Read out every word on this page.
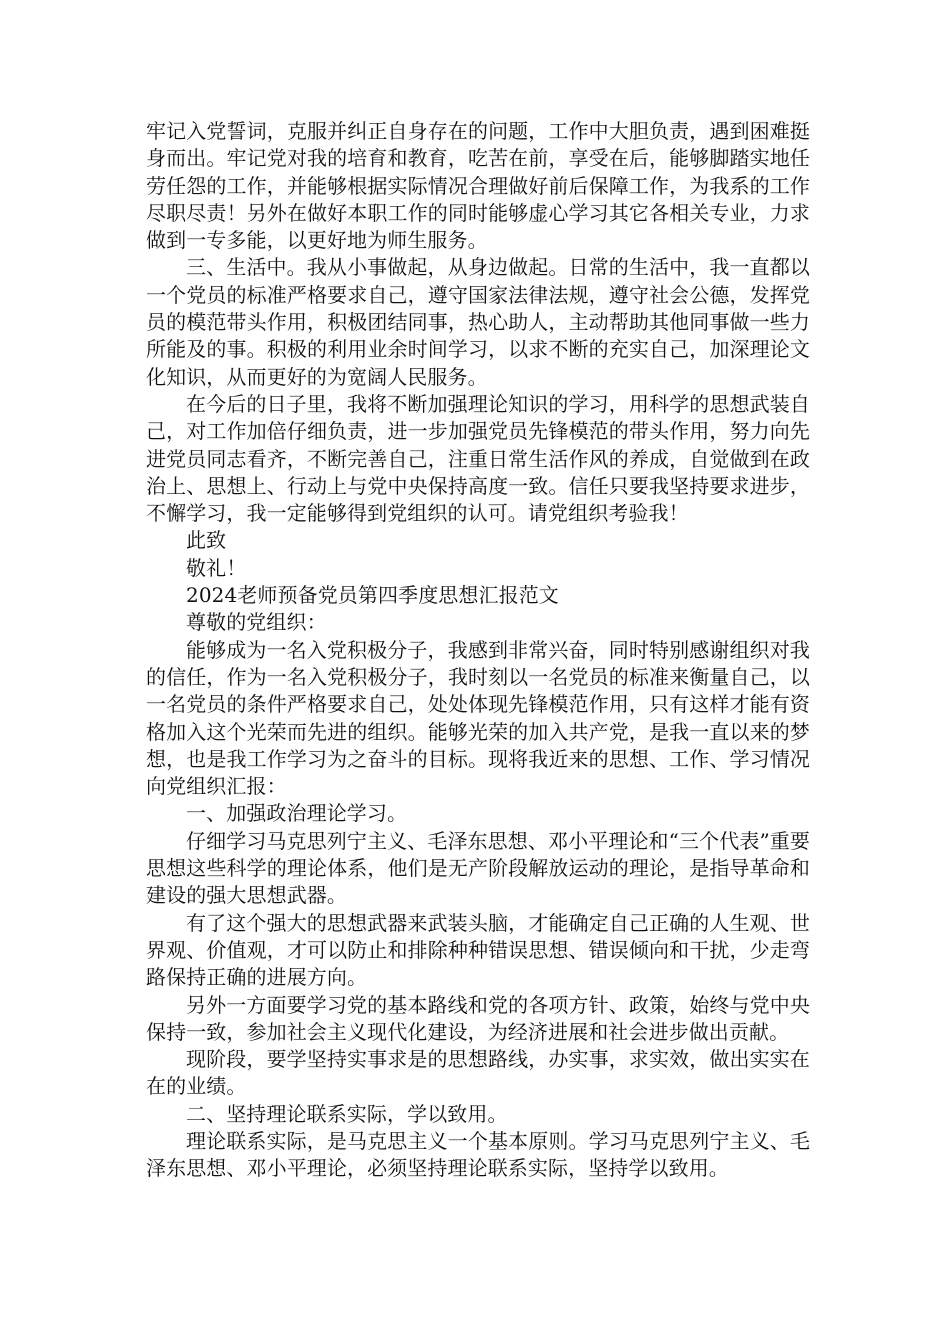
牢记入党誓词，克服并纠正自身存在的问题，工作中大胆负责，遇到困难挺身而出。牢记党对我的培育和教育，吃苦在前，享受在后，能够脚踏实地任劳任怨的工作，并能够根据实际情况合理做好前后保障工作，为我系的工作尽职尽责！另外在做好本职工作的同时能够虚心学习其它各相关专业，力求做到一专多能，以更好地为师生服务。

三、生活中。我从小事做起，从身边做起。日常的生活中，我一直都以一个党员的标准严格要求自己，遵守国家法律法规，遵守社会公德，发挥党员的模范带头作用，积极团结同事，热心助人，主动帮助其他同事做一些力所能及的事。积极的利用业余时间学习，以求不断的充实自己，加深理论文化知识，从而更好的为宽阔人民服务。

在今后的日子里，我将不断加强理论知识的学习，用科学的思想武装自己，对工作加倍仔细负责，进一步加强党员先锋模范的带头作用，努力向先进党员同志看齐，不断完善自己，注重日常生活作风的养成，自觉做到在政治上、思想上、行动上与党中央保持高度一致。信任只要我坚持要求进步，不懈学习，我一定能够得到党组织的认可。请党组织考验我！

此致

敬礼！

2024老师预备党员第四季度思想汇报范文

尊敬的党组织：

能够成为一名入党积极分子，我感到非常兴奋，同时特别感谢组织对我的信任，作为一名入党积极分子，我时刻以一名党员的标准来衡量自己，以一名党员的条件严格要求自己，处处体现先锋模范作用，只有这样才能有资格加入这个光荣而先进的组织。能够光荣的加入共产党，是我一直以来的梦想，也是我工作学习为之奋斗的目标。现将我近来的思想、工作、学习情况向党组织汇报：

一、加强政治理论学习。

仔细学习马克思列宁主义、毛泽东思想、邓小平理论和“三个代表”重要思想这些科学的理论体系，他们是无产阶段解放运动的理论，是指导革命和建设的强大思想武器。

有了这个强大的思想武器来武装头脑，才能确定自己正确的人生观、世界观、价值观，才可以防止和排除种种错误思想、错误倾向和干扰，少走弯路保持正确的进展方向。

另外一方面要学习党的基本路线和党的各项方针、政策，始终与党中央保持一致，参加社会主义现代化建设，为经济进展和社会进步做出贡献。

现阶段，要学坚持实事求是的思想路线，办实事，求实效，做出实实在在的业绩。

二、坚持理论联系实际，学以致用。

理论联系实际，是马克思主义一个基本原则。学习马克思列宁主义、毛泽东思想、邓小平理论，必须坚持理论联系实际，坚持学以致用。
